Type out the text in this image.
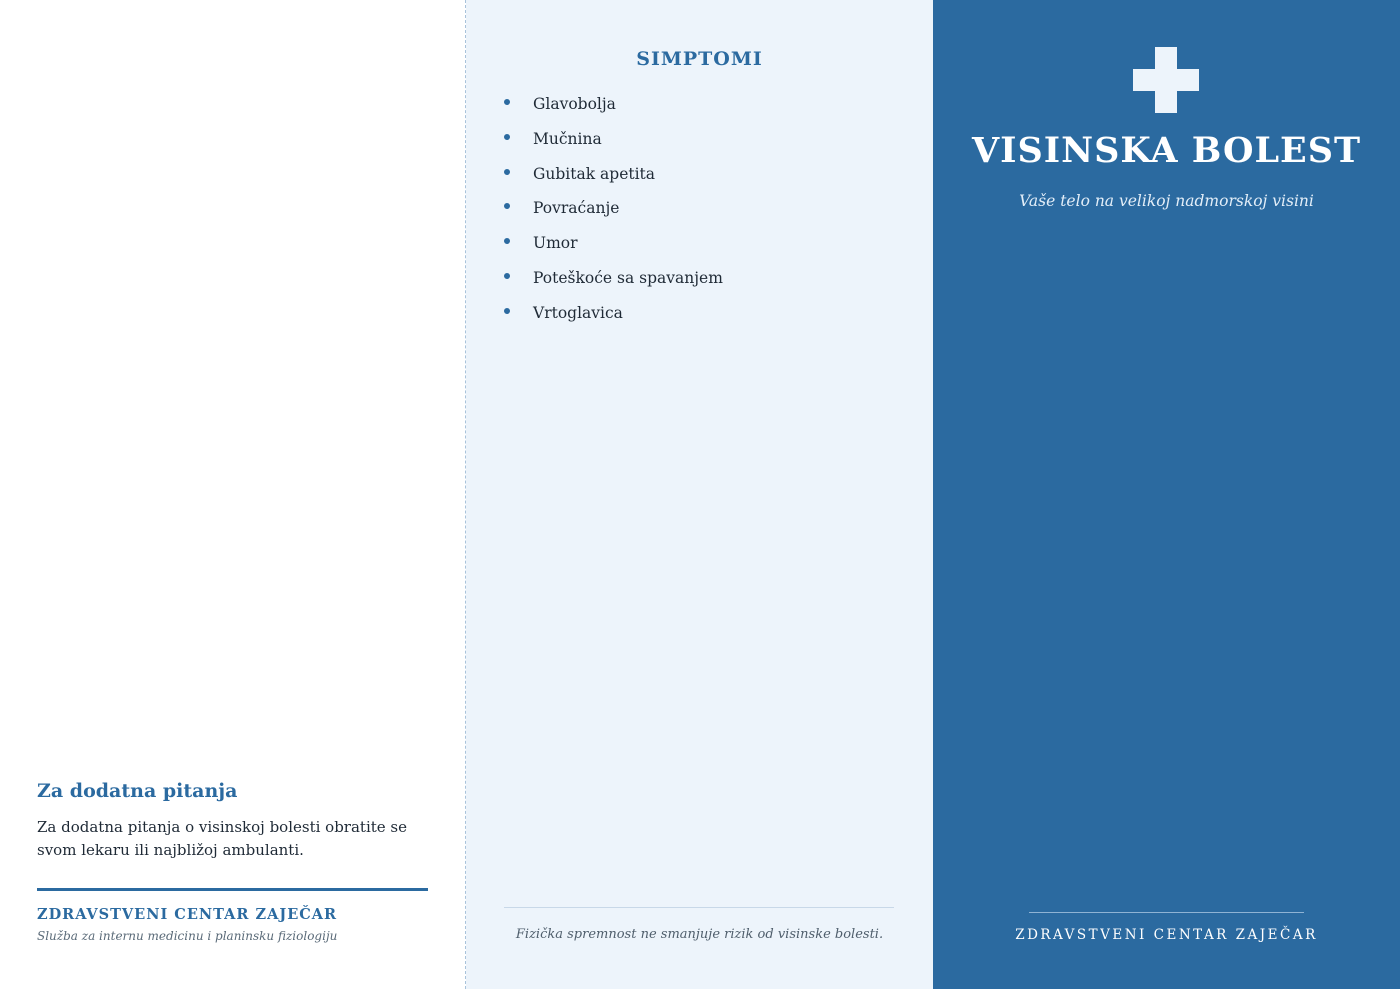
Za dodatna pitanja

Za dodatna pitanja o visinskoj bolesti obratite se svom lekaru ili najbližoj ambulanti.

ZDRAVSTVENI CENTAR ZAJEČAR
Služba za internu medicinu i planinsku fiziologiju
SIMPTOMI
Glavobolja
Mučnina
Gubitak apetita
Povraćanje
Umor
Poteškoće sa spavanjem
Vrtoglavica

Fizička spremnost ne smanjuje rizik od visinske bolesti.

VISINSKA BOLEST

Vaše telo na velikoj nadmorskoj visini

ZDRAVSTVENI CENTAR ZAJEČAR
